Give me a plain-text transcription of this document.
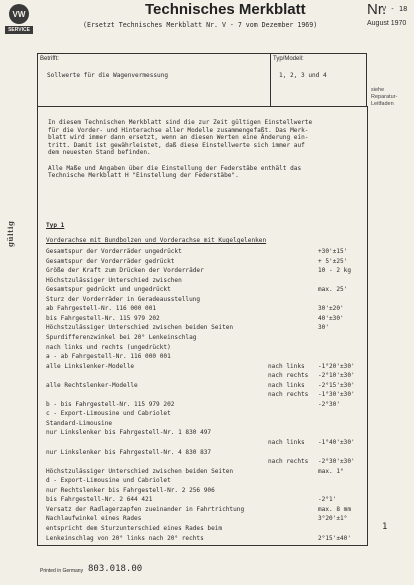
VW
SERVICE
Technisches Merkblatt
(Ersetzt Technisches Merkblatt Nr. V - 7 vom Dezember 1969)
Nr.
V - 18
August 1970
Betrifft:
Sollwerte für die Wagenvermessung
Typ/Modell:
1, 2, 3 und 4
siehe
Reparatur-
Leitfaden
gültig
In diesem Technischen Merkblatt sind die zur Zeit gültigen Einstellwerte
für die Vorder- und Hinterachse aller Modelle zusammengefaßt. Das Merk-
blatt wird immer dann ersetzt, wenn an diesen Werten eine Änderung ein-
tritt. Damit ist gewährleistet, daß diese Einstellwerte sich immer auf
dem neuesten Stand befinden.
Alle Maße und Angaben über die Einstellung der Federstäbe enthält das
Technische Merkblatt H "Einstellung der Federstäbe".
Typ 1
Vorderachse mit Bundbolzen und Vorderachse mit Kugelgelenken
Gesamtspur der Vorderräder ungedrückt	+30'±15'
Gesamtspur der Vorderräder gedrückt	+ 5'±25'
Größe der Kraft zum Drücken der Vorderräder	10 - 2 kg
Höchstzulässiger Unterschied zwischen
Gesamtspur gedrückt und ungedrückt	max. 25'
Sturz der Vorderräder in Geradeausstellung
ab Fahrgestell-Nr. 116 000 001	30'±20'
bis Fahrgestell-Nr. 115 979 202	40'±30'
Höchstzulässiger Unterschied zwischen beiden Seiten	30'
Spurdifferenzwinkel bei 20° Lenkeinschlag
nach links und rechts (ungedrückt)
a - ab Fahrgestell-Nr. 116 000 001
alle Linkslenker-Modelle	nach links -1°20'±30'
nach rechts -2°10'±30'
alle Rechtslenker-Modelle	nach links -2°15'±30'
nach rechts -1°30'±30'
b - bis Fahrgestell-Nr. 115 979 202	-2°30'
c - Export-Limousine und Cabriolet
Standard-Limousine
nur Linkslenker bis Fahrgestell-Nr. 1 830 497
nach links -1°40'±30'
nur Linkslenker bis Fahrgestell-Nr. 4 830 837
nach rechts -2°30'±30'
Höchstzulässiger Unterschied zwischen beiden Seiten	max. 1°
d - Export-Limousine und Cabriolet
nur Rechtslenker bis Fahrgestell-Nr. 2 256 906
bis Fahrgestell-Nr. 2 644 421	-2°1'
Versatz der Radlagerzapfen zueinander in Fahrtrichtung	max. 8 mm
Nachlaufwinkel eines Rades	3°20'±1°
entspricht dem Sturzunterschied eines Rades beim
Lenkeinschlag von 20° links nach 20° rechts	2°15'±40'
1
Printed in Germany 803.018.00
